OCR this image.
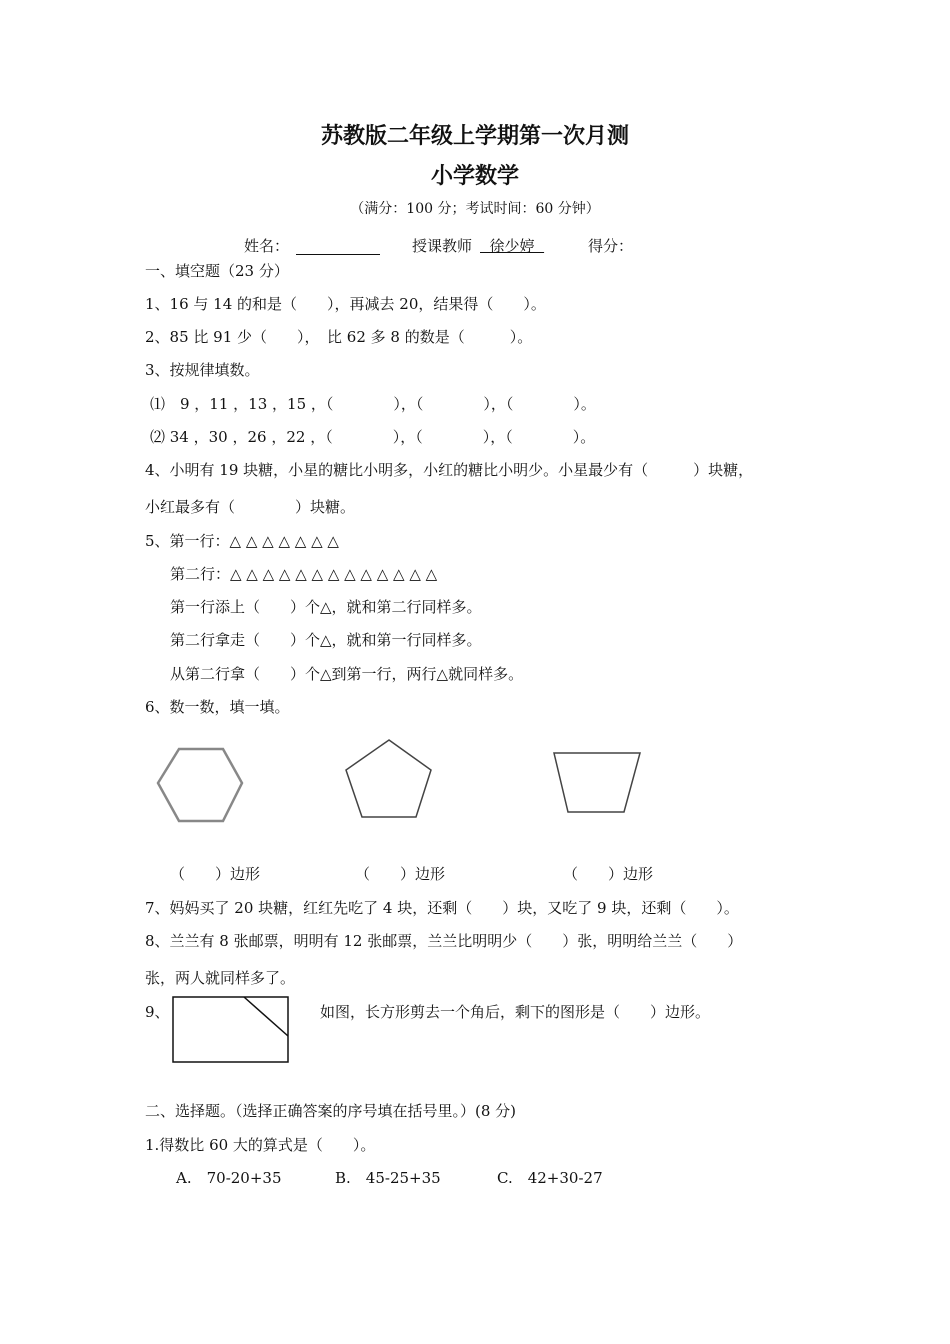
苏教版二年级上学期第一次月测
小学数学
（满分：100 分；考试时间：60 分钟）
姓名：	授课教师 徐少婷	得分：
一、填空题（23 分）
1、16 与 14 的和是（　　），再减去 20，结果得（　　）。
2、85 比 91 少（　　），　比 62 多 8 的数是（　　　）。
3、按规律填数。
⑴　9 ，11 ，13 ，15 ，（　　　　），（　　　　），（　　　　）。
⑵ 34 ，30 ，26 ，22 ，（　　　　），（　　　　），（　　　　）。
4、小明有 19 块糖，小星的糖比小明多，小红的糖比小明少。小星最少有（　　　）块糖，
小红最多有（　　　　）块糖。
5、第一行：△ △ △ △ △ △ △
第二行：△ △ △ △ △ △ △ △ △ △ △ △ △
第一行添上（　　）个△，就和第二行同样多。
第二行拿走（　　）个△，就和第一行同样多。
从第二行拿（　　）个△到第一行，两行△就同样多。
6、数一数，填一填。
（　　）边形	（　　）边形	（　　）边形
7、妈妈买了 20 块糖，红红先吃了 4 块，还剩（　　）块，又吃了 9 块，还剩（　　）。
8、兰兰有 8 张邮票，明明有 12 张邮票，兰兰比明明少（　　）张，明明给兰兰（　　）
张，两人就同样多了。
9、	如图，长方形剪去一个角后，剩下的图形是（　　）边形。
二、选择题。（选择正确答案的序号填在括号里。）(8 分)
1.得数比 60 大的算式是（　　）。
A.　70-20+35	B.　45-25+35	C.　42+30-27
